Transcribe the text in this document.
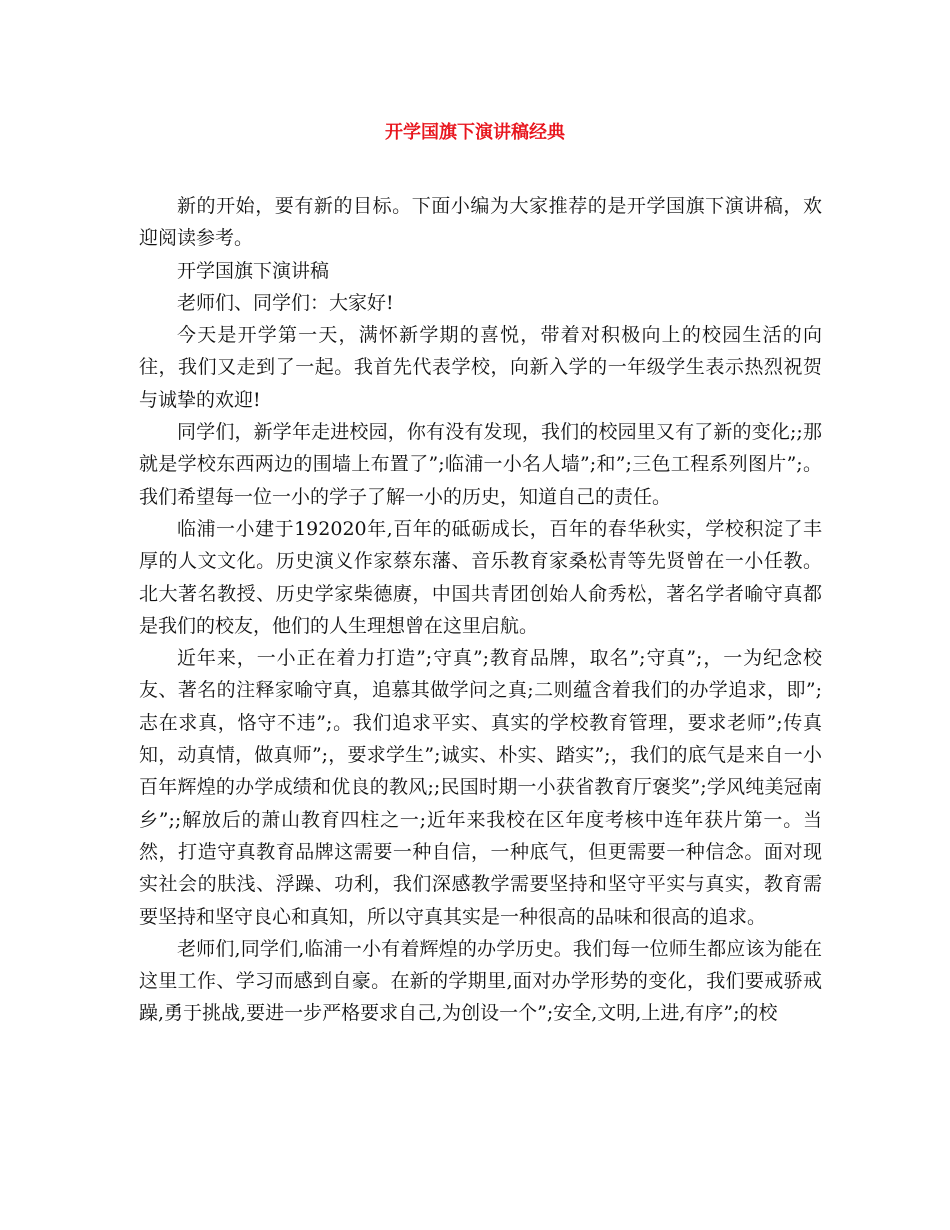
开学国旗下演讲稿经典

新的开始，要有新的目标。下面小编为大家推荐的是开学国旗下演讲稿，欢迎阅读参考。

开学国旗下演讲稿

老师们、同学们：大家好!

今天是开学第一天，满怀新学期的喜悦，带着对积极向上的校园生活的向往，我们又走到了一起。我首先代表学校，向新入学的一年级学生表示热烈祝贺与诚挚的欢迎!

同学们，新学年走进校园，你有没有发现，我们的校园里又有了新的变化;;那就是学校东西两边的围墙上布置了”;临浦一小名人墙”;和”;三色工程系列图片”;。我们希望每一位一小的学子了解一小的历史，知道自己的责任。

临浦一小建于192020年,百年的砥砺成长，百年的春华秋实，学校积淀了丰厚的人文文化。历史演义作家蔡东藩、音乐教育家桑松青等先贤曾在一小任教。北大著名教授、历史学家柴德赓，中国共青团创始人俞秀松，著名学者喻守真都是我们的校友，他们的人生理想曾在这里启航。

近年来，一小正在着力打造”;守真”;教育品牌，取名”;守真”;，一为纪念校友、著名的注释家喻守真，追慕其做学问之真;二则蕴含着我们的办学追求，即”;志在求真，恪守不违”;。我们追求平实、真实的学校教育管理，要求老师”;传真知，动真情，做真师”;，要求学生”;诚实、朴实、踏实”;，我们的底气是来自一小百年辉煌的办学成绩和优良的教风;;民国时期一小获省教育厅褒奖”;学风纯美冠南乡”;;解放后的萧山教育四柱之一;近年来我校在区年度考核中连年获片第一。当然，打造守真教育品牌这需要一种自信，一种底气，但更需要一种信念。面对现实社会的肤浅、浮躁、功利，我们深感教学需要坚持和坚守平实与真实，教育需要坚持和坚守良心和真知，所以守真其实是一种很高的品味和很高的追求。

老师们,同学们,临浦一小有着辉煌的办学历史。我们每一位师生都应该为能在这里工作、学习而感到自豪。在新的学期里,面对办学形势的变化，我们要戒骄戒躁,勇于挑战,要进一步严格要求自己,为创设一个”;安全,文明,上进,有序”;的校
